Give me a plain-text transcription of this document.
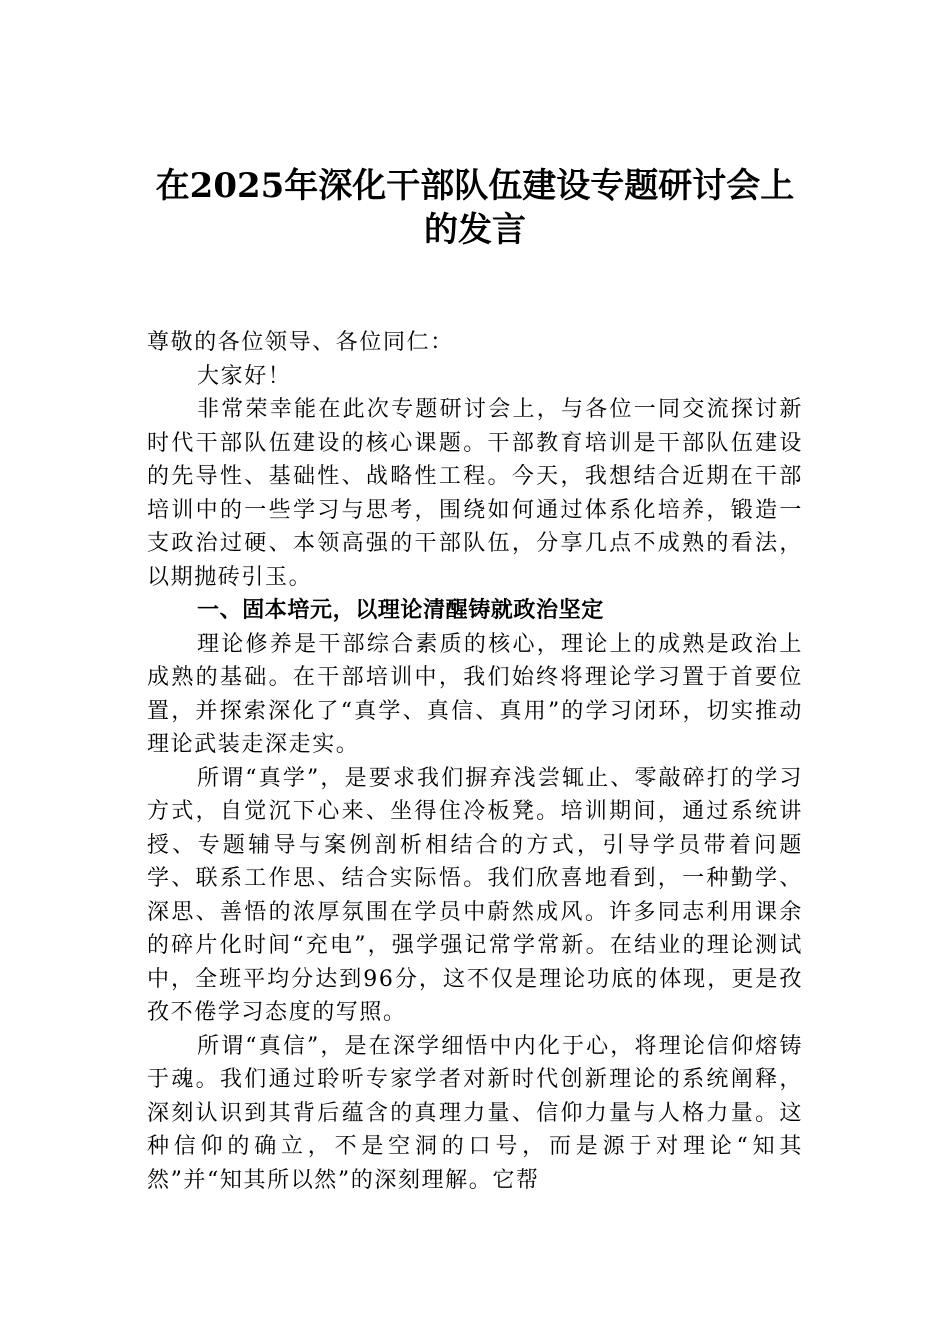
在2025年深化干部队伍建设专题研讨会上
的发言

尊敬的各位领导、各位同仁：

大家好！

非常荣幸能在此次专题研讨会上，与各位一同交流探讨新时代干部队伍建设的核心课题。干部教育培训是干部队伍建设的先导性、基础性、战略性工程。今天，我想结合近期在干部培训中的一些学习与思考，围绕如何通过体系化培养，锻造一支政治过硬、本领高强的干部队伍，分享几点不成熟的看法，以期抛砖引玉。

一、固本培元，以理论清醒铸就政治坚定

理论修养是干部综合素质的核心，理论上的成熟是政治上成熟的基础。在干部培训中，我们始终将理论学习置于首要位置，并探索深化了“真学、真信、真用”的学习闭环，切实推动理论武装走深走实。

所谓“真学”，是要求我们摒弃浅尝辄止、零敲碎打的学习方式，自觉沉下心来、坐得住冷板凳。培训期间，通过系统讲授、专题辅导与案例剖析相结合的方式，引导学员带着问题学、联系工作思、结合实际悟。我们欣喜地看到，一种勤学、深思、善悟的浓厚氛围在学员中蔚然成风。许多同志利用课余的碎片化时间“充电”，强学强记常学常新。在结业的理论测试中，全班平均分达到96分，这不仅是理论功底的体现，更是孜孜不倦学习态度的写照。

所谓“真信”，是在深学细悟中内化于心，将理论信仰熔铸于魂。我们通过聆听专家学者对新时代创新理论的系统阐释，深刻认识到其背后蕴含的真理力量、信仰力量与人格力量。这种信仰的确立，不是空洞的口号，而是源于对理论“知其然”并“知其所以然”的深刻理解。它帮
